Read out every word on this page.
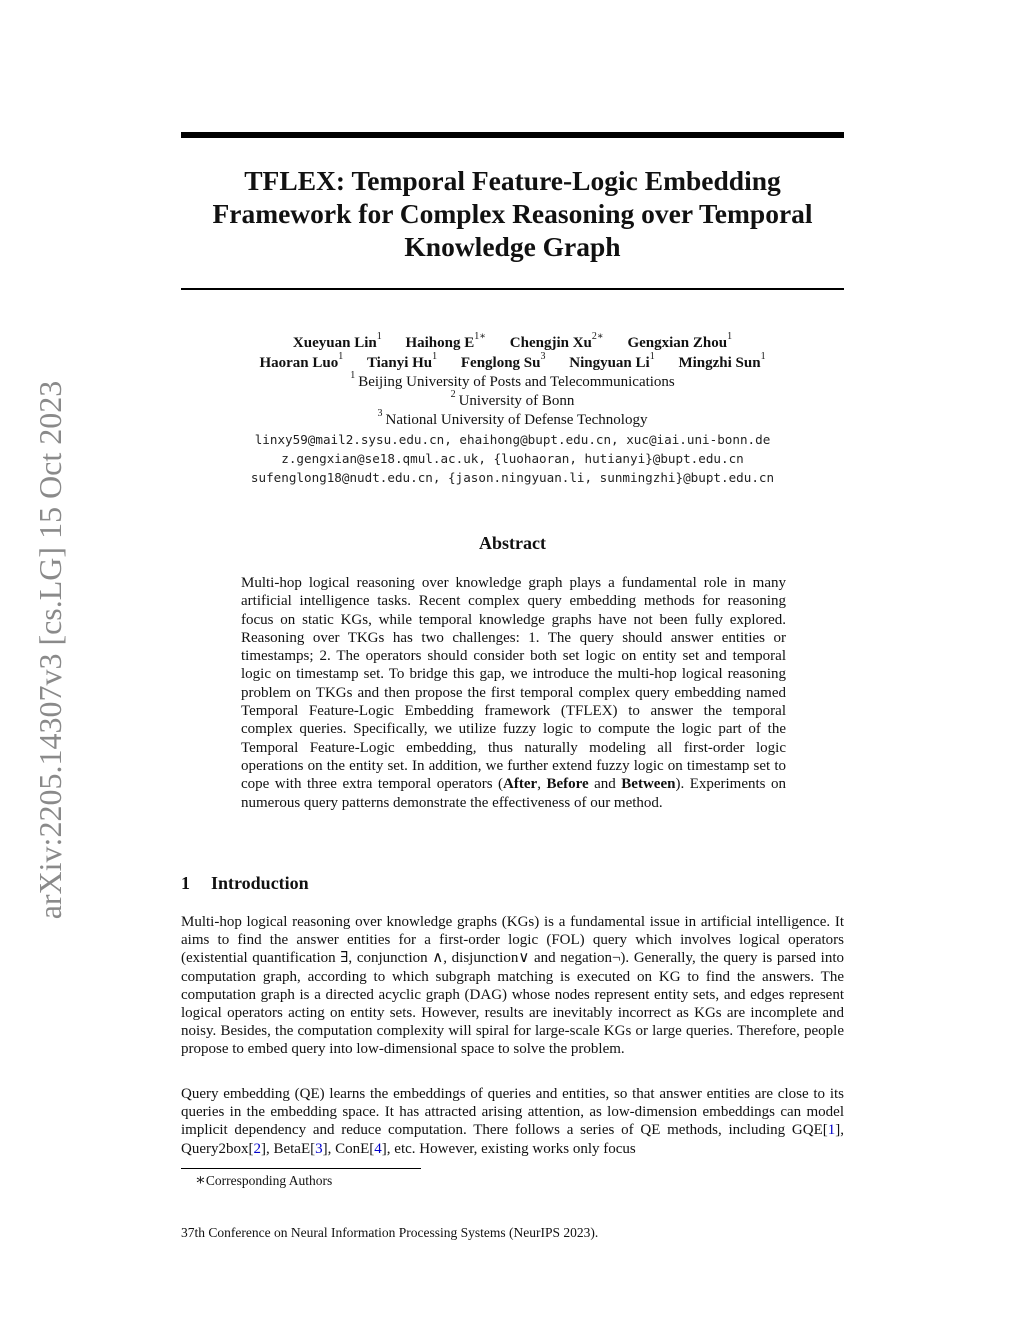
arXiv:2205.14307v3 [cs.LG] 15 Oct 2023
TFLEX: Temporal Feature-Logic Embedding
Framework for Complex Reasoning over Temporal
Knowledge Graph
Xueyuan Lin$^1$ Haihong $E^{1∗}$ Chengjin $Xu^{2∗}$ Gengxian Zhou$^1$
Haoran Luo$^1$ Tianyi Hu$^1$ Fenglong Su$^3$ Ningyuan Li$^1$ Mingzhi Sun$^1$
$^1$ Beijing University of Posts and Telecommunications
$^2$ University of Bonn
$^3$ National University of Defense Technology
linxy59@mail2.sysu.edu.cn, ehaihong@bupt.edu.cn, xuc@iai.uni-bonn.de
z.gengxian@se18.qmul.ac.uk, {luohaoran, hutianyi}@bupt.edu.cn
sufenglong18@nudt.edu.cn, {jason.ningyuan.li, sunmingzhi}@bupt.edu.cn
Abstract
Multi-hop logical reasoning over knowledge graph plays a fundamental role in many artificial intelligence tasks. Recent complex query embedding methods for reasoning focus on static KGs, while temporal knowledge graphs have not been fully explored. Reasoning over TKGs has two challenges: 1. The query should answer entities or timestamps; 2. The operators should consider both set logic on entity set and temporal logic on timestamp set. To bridge this gap, we introduce the multi-hop logical reasoning problem on TKGs and then propose the first temporal complex query embedding named Temporal Feature-Logic Embedding framework (TFLEX) to answer the temporal complex queries. Specifically, we utilize fuzzy logic to compute the logic part of the Temporal Feature-Logic embedding, thus naturally modeling all first-order logic operations on the entity set. In addition, we further extend fuzzy logic on timestamp set to cope with three extra temporal operators (After, Before and Between). Experiments on numerous query patterns demonstrate the effectiveness of our method.
1 Introduction
Multi-hop logical reasoning over knowledge graphs (KGs) is a fundamental issue in artificial intelligence. It aims to find the answer entities for a first-order logic (FOL) query which involves logical operators (existential quantification ∃, conjunction ∧, disjunction∨ and negation¬). Generally, the query is parsed into computation graph, according to which subgraph matching is executed on KG to find the answers. The computation graph is a directed acyclic graph (DAG) whose nodes represent entity sets, and edges represent logical operators acting on entity sets. However, results are inevitably incorrect as KGs are incomplete and noisy. Besides, the computation complexity will spiral for large-scale KGs or large queries. Therefore, people propose to embed query into low-dimensional space to solve the problem.
Query embedding (QE) learns the embeddings of queries and entities, so that answer entities are close to its queries in the embedding space. It has attracted arising attention, as low-dimension embeddings can model implicit dependency and reduce computation. There follows a series of QE methods, including GQE[1], Query2box[2], BetaE[3], ConE[4], etc. However, existing works only focus
∗Corresponding Authors
37th Conference on Neural Information Processing Systems (NeurIPS 2023).
